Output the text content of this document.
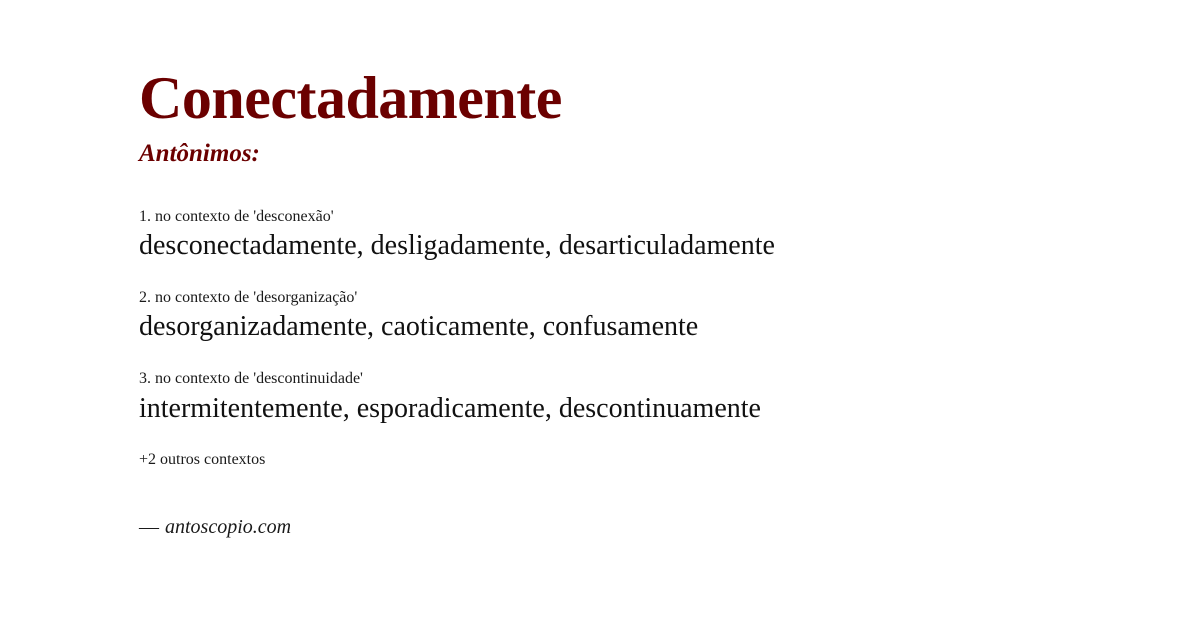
Conectadamente
Antônimos:

1. no contexto de 'desconexão'

desconectadamente, desligadamente, desarticuladamente

2. no contexto de 'desorganização'

desorganizadamente, caoticamente, confusamente

3. no contexto de 'descontinuidade'

intermitentemente, esporadicamente, descontinuamente

+2 outros contextos

— antoscopio.com
